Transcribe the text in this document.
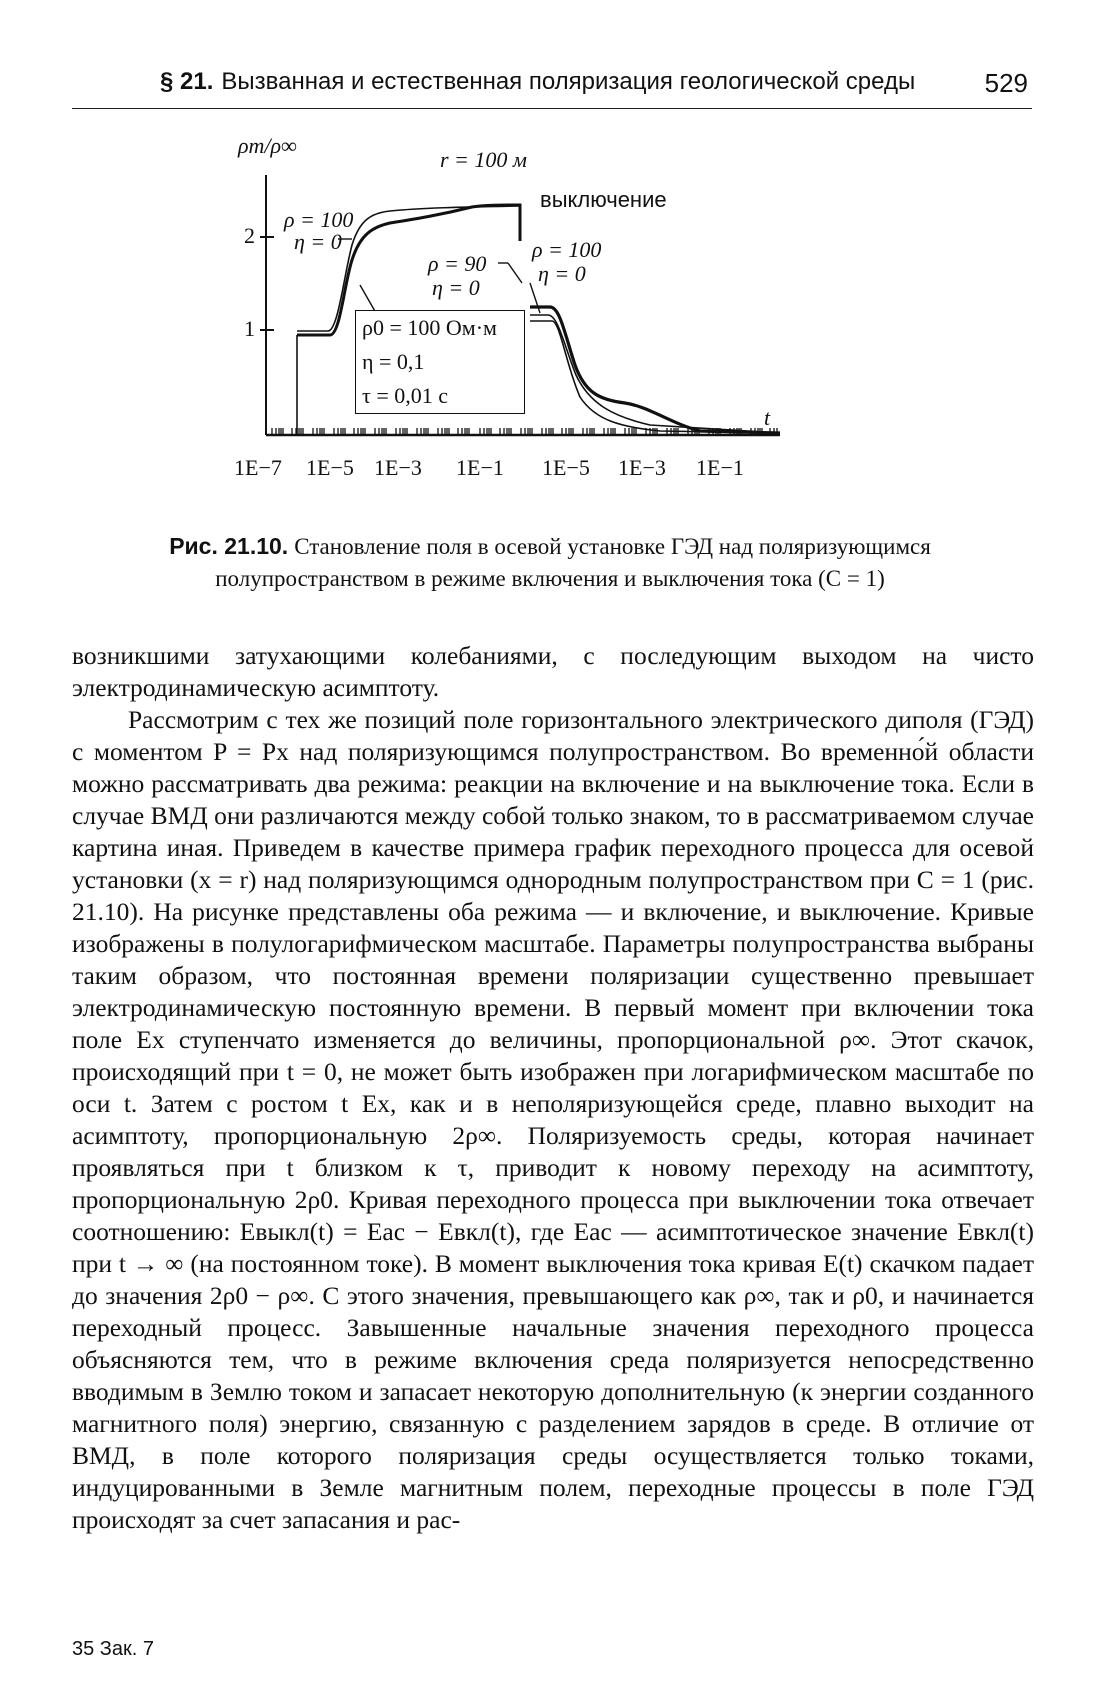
§ 21. Вызванная и естественная поляризация геологической среды	529
ρт/ρ∞
2
1
r = 100 м
выключение
ρ = 100
η = 0
ρ = 90
η = 0
ρ = 100
η = 0
ρ0 = 100 Ом·м
η = 0,1
τ = 0,01 с
t
1E−7 1E−5 1E−3 1E−1 1E−5 1E−3 1E−1
Рис. 21.10. Становление поля в осевой установке ГЭД над поляризующимся полупространством в режиме включения и выключения тока (C = 1)

возникшими затухающими колебаниями, с последующим выходом на чисто электродинамическую асимптоту.

Рассмотрим с тех же позиций поле горизонтального электрического диполя (ГЭД) с моментом P = Px над поляризующимся полупространством. Во временно́й области можно рассматривать два режима: реакции на включение и на выключение тока. Если в случае ВМД они различаются между собой только знаком, то в рассматриваемом случае картина иная. Приведем в качестве примера график переходного процесса для осевой установки (x = r) над поляризующимся однородным полупространством при C = 1 (рис. 21.10). На рисунке представлены оба режима — и включение, и выключение. Кривые изображены в полулогарифмическом масштабе. Параметры полупространства выбраны таким образом, что постоянная времени поляризации существенно превышает электродинамическую постоянную времени. В первый момент при включении тока поле Ex ступенчато изменяется до величины, пропорциональной ρ∞. Этот скачок, происходящий при t = 0, не может быть изображен при логарифмическом масштабе по оси t. Затем с ростом t Ex, как и в неполяризующейся среде, плавно выходит на асимптоту, пропорциональную 2ρ∞. Поляризуемость среды, которая начинает проявляться при t близком к τ, приводит к новому переходу на асимптоту, пропорциональную 2ρ0. Кривая переходного процесса при выключении тока отвечает соотношению: Eвыкл(t) = Eас − Eвкл(t), где Eас — асимптотическое значение Eвкл(t) при t → ∞ (на постоянном токе). В момент выключения тока кривая E(t) скачком падает до значения 2ρ0 − ρ∞. С этого значения, превышающего как ρ∞, так и ρ0, и начинается переходный процесс. Завышенные начальные значения переходного процесса объясняются тем, что в режиме включения среда поляризуется непосредственно вводимым в Землю током и запасает некоторую дополнительную (к энергии созданного магнитного поля) энергию, связанную с разделением зарядов в среде. В отличие от ВМД, в поле которого поляризация среды осуществляется только токами, индуцированными в Земле магнитным полем, переходные процессы в поле ГЭД происходят за счет запасания и рас-

35 Зак. 7
